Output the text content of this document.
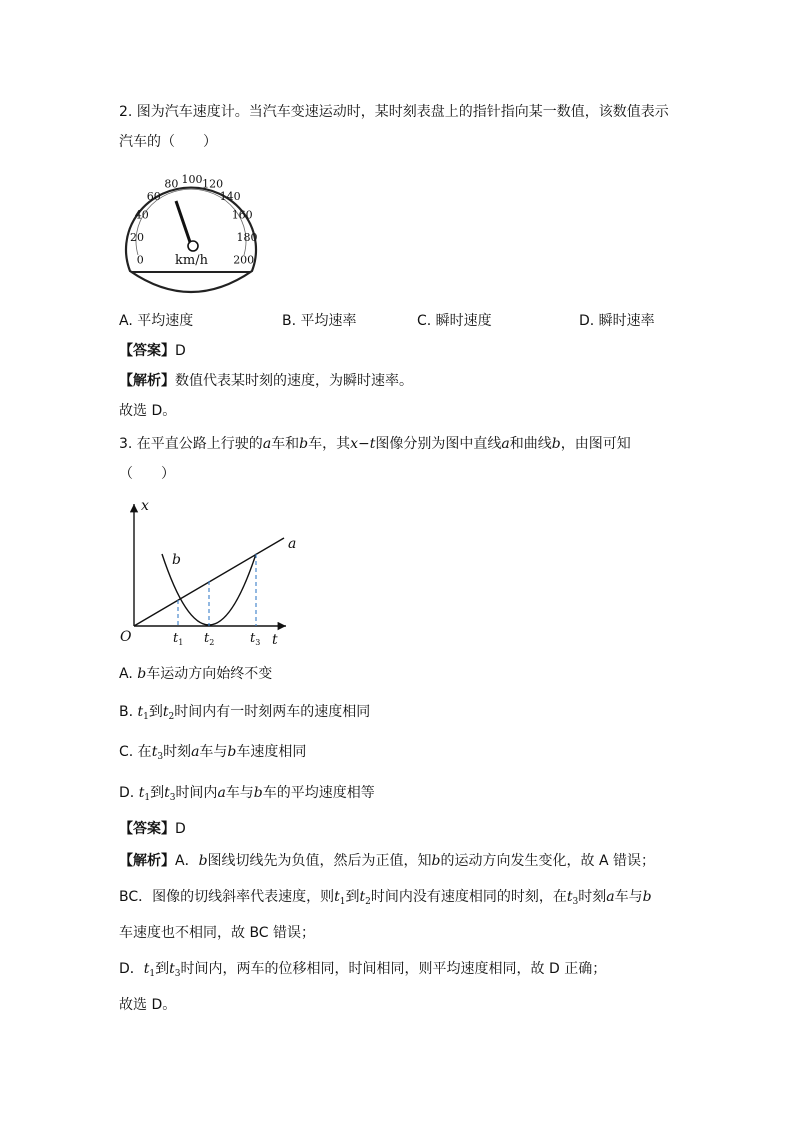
2. 图为汽车速度计。当汽车变速运动时，某时刻表盘上的指针指向某一数值，该数值表示
汽车的（　　）
0
20
40
60
80 100 120
140
160
180
200
km/h
A. 平均速度	B. 平均速率	C. 瞬时速度	D. 瞬时速率
【答案】D
【解析】数值代表某时刻的速度，为瞬时速率。
故选 D。
3. 在平直公路上行驶的a车和b车，其x−t图像分别为图中直线a和曲线b，由图可知
（　　）
x
t
O
a
b
$t_1$ $t_2$	$t_3$
A. b车运动方向始终不变
B. $t_1$到$t_2$时间内有一时刻两车的速度相同
C. 在$t_3$时刻a车与b车速度相同
D. $t_1$到$t_3$时间内a车与b车的平均速度相等
【答案】D
【解析】A．b图线切线先为负值，然后为正值，知b的运动方向发生变化，故 A 错误；
BC．图像的切线斜率代表速度，则$t_1$到$t_2$时间内没有速度相同的时刻，在$t_3$时刻a车与b
车速度也不相同，故 BC 错误；
D．$t_1$到$t_3$时间内，两车的位移相同，时间相同，则平均速度相同，故 D 正确；
故选 D。
